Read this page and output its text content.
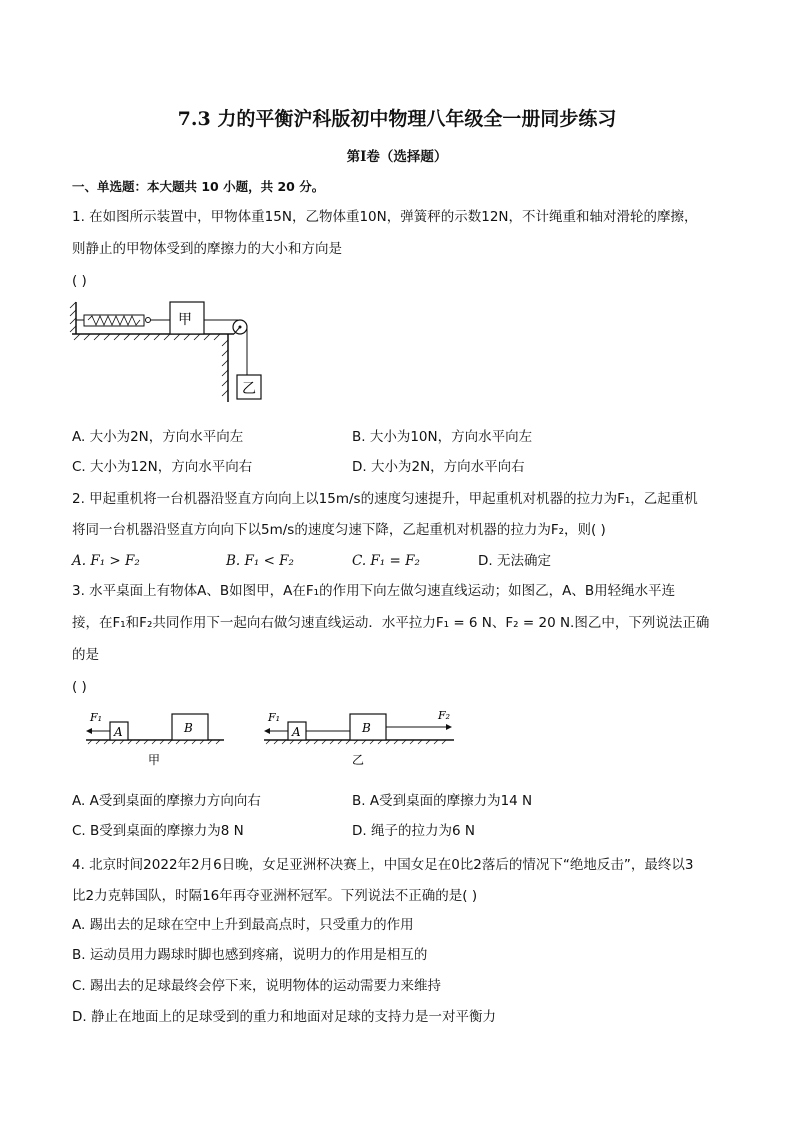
7.3 力的平衡沪科版初中物理八年级全一册同步练习
第I卷（选择题）
一、单选题：本大题共 10 小题，共 20 分。
1. 在如图所示装置中，甲物体重15N，乙物体重10N，弹簧秤的示数12N，不计绳重和轴对滑轮的摩擦，
则静止的甲物体受到的摩擦力的大小和方向是
( )
甲
乙
A. 大小为2N，方向水平向左	B. 大小为10N，方向水平向左
C. 大小为12N，方向水平向右	D. 大小为2N，方向水平向右
2. 甲起重机将一台机器沿竖直方向向上以15m/s的速度匀速提升，甲起重机对机器的拉力为F₁，乙起重机
将同一台机器沿竖直方向向下以5m/s的速度匀速下降，乙起重机对机器的拉力为F₂，则( )
A. F₁ > F₂	B. F₁ < F₂	C. F₁ = F₂	D. 无法确定
3. 水平桌面上有物体A、B如图甲，A在F₁的作用下向左做匀速直线运动；如图乙，A、B用轻绳水平连
接，在F₁和F₂共同作用下一起向右做匀速直线运动．水平拉力F₁ = 6 N、F₂ = 20 N.图乙中，下列说法正确
的是
( )
A	B
F₁
甲
A	B
F₁	F₂
乙
A. A受到桌面的摩擦力方向向右	B. A受到桌面的摩擦力为14 N
C. B受到桌面的摩擦力为8 N	D. 绳子的拉力为6 N
4. 北京时间2022年2月6日晚，女足亚洲杯决赛上，中国女足在0比2落后的情况下“绝地反击”，最终以3
比2力克韩国队，时隔16年再夺亚洲杯冠军。下列说法不正确的是( )
A. 踢出去的足球在空中上升到最高点时，只受重力的作用
B. 运动员用力踢球时脚也感到疼痛，说明力的作用是相互的
C. 踢出去的足球最终会停下来，说明物体的运动需要力来维持
D. 静止在地面上的足球受到的重力和地面对足球的支持力是一对平衡力
